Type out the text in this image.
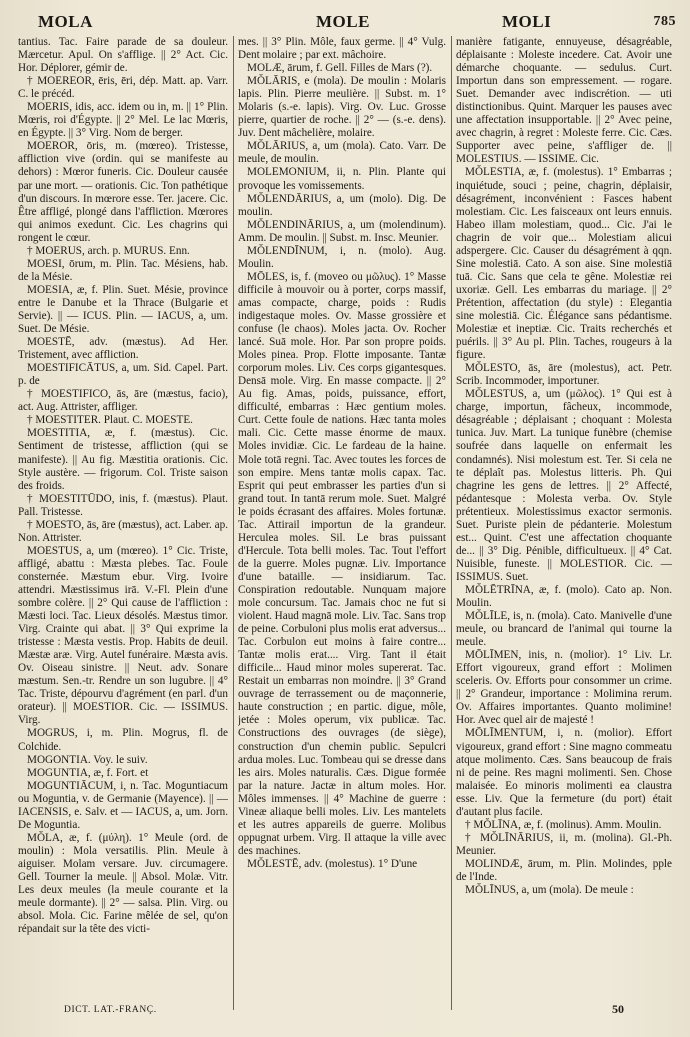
MOLA	MOLE	MOLI	785

tantius. Tac. Faire parade de sa douleur. Mærcetur. Apul. On s'afflige. || 2° Act. Cic. Hor. Déplorer, gémir de.

† MOEREOR, ēris, ēri, dép. Matt. ap. Varr. C. le précéd.

MOERIS, idis, acc. idem ou in, m. || 1° Plin. Mœris, roi d'Égypte. || 2° Mel. Le lac Mœris, en Égypte. || 3° Virg. Nom de berger.

MOEROR, ōris, m. (mœreo). Tristesse, affliction vive (ordin. qui se manifeste au dehors) : Mœror funeris. Cic. Douleur causée par une mort. — orationis. Cic. Ton pathétique d'un discours. In mœrore esse. Ter. jacere. Cic. Être affligé, plongé dans l'affliction. Mœrores qui animos exedunt. Cic. Les chagrins qui rongent le cœur.

† MOERUS, arch. p. MURUS. Enn.

MOESI, ōrum, m. Plin. Tac. Mésiens, hab. de la Mésie.

MOESIA, æ, f. Plin. Suet. Mésie, province entre le Danube et la Thrace (Bulgarie et Servie). || — ICUS. Plin. — IACUS, a, um. Suet. De Mésie.

MOESTĒ, adv. (mæstus). Ad Her. Tristement, avec affliction.

MOESTIFICĀTUS, a, um. Sid. Capel. Part. p. de

† MOESTIFICO, ās, āre (mæstus, facio), act. Aug. Attrister, affliger.

† MOESTITER. Plaut. C. MOESTE.

MOESTITIA, æ, f. (mæstus). Cic. Sentiment de tristesse, affliction (qui se manifeste). || Au fig. Mæstitia orationis. Cic. Style austère. — frigorum. Col. Triste saison des froids.

† MOESTITŪDO, inis, f. (mæstus). Plaut. Pall. Tristesse.

† MOESTO, ās, āre (mæstus), act. Laber. ap. Non. Attrister.

MOESTUS, a, um (mœreo). 1° Cic. Triste, affligé, abattu : Mæsta plebes. Tac. Foule consternée. Mæstum ebur. Virg. Ivoire attendri. Mæstissimus irā. V.-Fl. Plein d'une sombre colère. || 2° Qui cause de l'affliction : Mæsti loci. Tac. Lieux désolés. Mæstus timor. Virg. Crainte qui abat. || 3° Qui exprime la tristesse : Mæsta vestis. Prop. Habits de deuil. Mæstæ aræ. Virg. Autel funéraire. Mæsta avis. Ov. Oiseau sinistre. || Neut. adv. Sonare mæstum. Sen.-tr. Rendre un son lugubre. || 4° Tac. Triste, dépourvu d'agrément (en parl. d'un orateur). || MOESTIOR. Cic. — ISSIMUS. Virg.

MOGRUS, i, m. Plin. Mogrus, fl. de Colchide.

MOGONTIA. Voy. le suiv.

MOGUNTIA, æ, f. Fort. et

MOGUNTIĀCUM, i, n. Tac. Moguntiacum ou Moguntia, v. de Germanie (Mayence). || — IACENSIS, e. Salv. et — IACUS, a, um. Jorn. De Moguntia.

MŎLA, æ, f. (μύλη). 1° Meule (ord. de moulin) : Mola versatilis. Plin. Meule à aiguiser. Molam versare. Juv. circumagere. Gell. Tourner la meule. || Absol. Molæ. Vitr. Les deux meules (la meule courante et la meule dormante). || 2° — salsa. Plin. Virg. ou absol. Mola. Cic. Farine mêlée de sel, qu'on répandait sur la tête des victi-

mes. || 3° Plin. Môle, faux germe. || 4° Vulg. Dent molaire ; par ext. mâchoire.

MOLÆ, ārum, f. Gell. Filles de Mars (?).

MŎLĀRIS, e (mola). De moulin : Molaris lapis. Plin. Pierre meulière. || Subst. m. 1° Molaris (s.-e. lapis). Virg. Ov. Luc. Grosse pierre, quartier de roche. || 2° — (s.-e. dens). Juv. Dent mâchelière, molaire.

MŎLĀRIUS, a, um (mola). Cato. Varr. De meule, de moulin.

MOLEMONIUM, ii, n. Plin. Plante qui provoque les vomissements.

MŎLENDĀRIUS, a, um (molo). Dig. De moulin.

MŎLENDINĀRIUS, a, um (molendinum). Amm. De moulin. || Subst. m. Insc. Meunier.

MŎLENDĪNUM, i, n. (molo). Aug. Moulin.

MŌLES, is, f. (moveo ou μῶλυς). 1° Masse difficile à mouvoir ou à porter, corps massif, amas compacte, charge, poids : Rudis indigestaque moles. Ov. Masse grossière et confuse (le chaos). Moles jacta. Ov. Rocher lancé. Suā mole. Hor. Par son propre poids. Moles pinea. Prop. Flotte imposante. Tantæ corporum moles. Liv. Ces corps gigantesques. Densā mole. Virg. En masse compacte. || 2° Au fig. Amas, poids, puissance, effort, difficulté, embarras : Hæc gentium moles. Curt. Cette foule de nations. Hæc tanta moles mali. Cic. Cette masse énorme de maux. Moles invidiæ. Cic. Le fardeau de la haine. Mole totā regni. Tac. Avec toutes les forces de son empire. Mens tantæ molis capax. Tac. Esprit qui peut embrasser les parties d'un si grand tout. In tantā rerum mole. Suet. Malgré le poids écrasant des affaires. Moles fortunæ. Tac. Attirail importun de la grandeur. Herculea moles. Sil. Le bras puissant d'Hercule. Tota belli moles. Tac. Tout l'effort de la guerre. Moles pugnæ. Liv. Importance d'une bataille. — insidiarum. Tac. Conspiration redoutable. Nunquam majore mole concursum. Tac. Jamais choc ne fut si violent. Haud magnā mole. Liv. Tac. Sans trop de peine. Corbuloni plus molis erat adversus... Tac. Corbulon eut moins à faire contre... Tantæ molis erat.... Virg. Tant il était difficile... Haud minor moles supererat. Tac. Restait un embarras non moindre. || 3° Grand ouvrage de terrassement ou de maçonnerie, haute construction ; en partic. digue, môle, jetée : Moles operum, vix publicæ. Tac. Constructions des ouvrages (de siège), construction d'un chemin public. Sepulcri ardua moles. Luc. Tombeau qui se dresse dans les airs. Moles naturalis. Cæs. Digue formée par la nature. Jactæ in altum moles. Hor. Môles immenses. || 4° Machine de guerre : Vineæ aliaque belli moles. Liv. Les mantelets et les autres appareils de guerre. Molibus oppugnat urbem. Virg. Il attaque la ville avec des machines.

MŎLESTĒ, adv. (molestus). 1° D'une

manière fatigante, ennuyeuse, désagréable, déplaisante : Moleste incedere. Cat. Avoir une démarche choquante. — sedulus. Curt. Importun dans son empressement. — rogare. Suet. Demander avec indiscrétion. — uti distinctionibus. Quint. Marquer les pauses avec une affectation insupportable. || 2° Avec peine, avec chagrin, à regret : Moleste ferre. Cic. Cæs. Supporter avec peine, s'affliger de. || MOLESTIUS. — ISSIME. Cic.

MŎLESTIA, æ, f. (molestus). 1° Embarras ; inquiétude, souci ; peine, chagrin, déplaisir, désagrément, inconvénient : Fasces habent molestiam. Cic. Les faisceaux ont leurs ennuis. Habeo illam molestiam, quod... Cic. J'ai le chagrin de voir que... Molestiam alicui adspergere. Cic. Causer du désagrément à qqn. Sine molestiā. Cato. A son aise. Sine molestiā tuā. Cic. Sans que cela te gêne. Molestiæ rei uxoriæ. Gell. Les embarras du mariage. || 2° Prétention, affectation (du style) : Elegantia sine molestiā. Cic. Élégance sans pédantisme. Molestiæ et ineptiæ. Cic. Traits recherchés et puérils. || 3° Au pl. Plin. Taches, rougeurs à la figure.

MŎLESTO, ās, āre (molestus), act. Petr. Scrib. Incommoder, importuner.

MŎLESTUS, a, um (μῶλος). 1° Qui est à charge, importun, fâcheux, incommode, désagréable ; déplaisant ; choquant : Molesta tunica. Juv. Mart. La tunique funèbre (chemise soufrée dans laquelle on enfermait les condamnés). Nisi molestum est. Ter. Si cela ne te déplaît pas. Molestus litteris. Ph. Qui chagrine les gens de lettres. || 2° Affecté, pédantesque : Molesta verba. Ov. Style prétentieux. Molestissimus exactor sermonis. Suet. Puriste plein de pédanterie. Molestum est... Quint. C'est une affectation choquante de... || 3° Dig. Pénible, difficultueux. || 4° Cat. Nuisible, funeste. || MOLESTIOR. Cic. — ISSIMUS. Suet.

MŎLĒTRĪNA, æ, f. (molo). Cato ap. Non. Moulin.

MŎLĪLE, is, n. (mola). Cato. Manivelle d'une meule, ou brancard de l'animal qui tourne la meule.

MŌLĪMEN, inis, n. (molior). 1° Liv. Lr. Effort vigoureux, grand effort : Molimen sceleris. Ov. Efforts pour consommer un crime. || 2° Grandeur, importance : Molimina rerum. Ov. Affaires importantes. Quanto molimine! Hor. Avec quel air de majesté !

MŌLĪMENTUM, i, n. (molior). Effort vigoureux, grand effort : Sine magno commeatu atque molimento. Cæs. Sans beaucoup de frais ni de peine. Res magni molimenti. Sen. Chose malaisée. Eo minoris molimenti ea claustra esse. Liv. Que la fermeture (du port) était d'autant plus facile.

† MŎLĪNA, æ, f. (molinus). Amm. Moulin.

† MŎLĪNĀRIUS, ii, m. (molina). Gl.-Ph. Meunier.

MOLINDÆ, ārum, m. Plin. Molindes, pple de l'Inde.

MŎLĪNUS, a, um (mola). De meule :

DICT. LAT.-FRANÇ.	50
